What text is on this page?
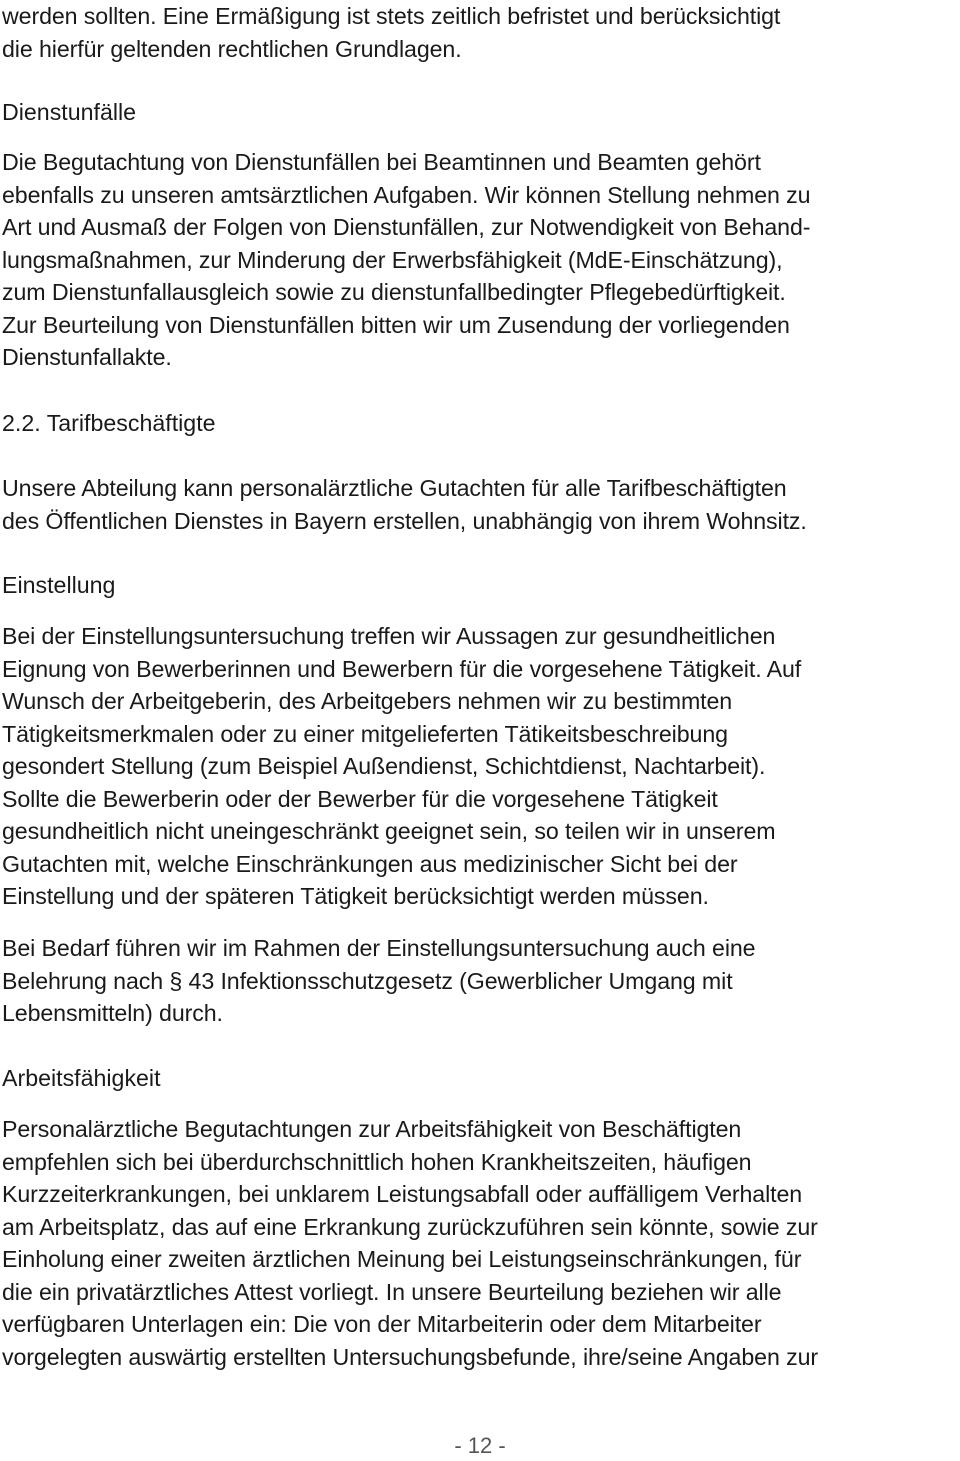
werden sollten. Eine Ermäßigung ist stets zeitlich befristet und berücksichtigt
die hierfür geltenden rechtlichen Grundlagen.
Dienstunfälle
Die Begutachtung von Dienstunfällen bei Beamtinnen und Beamten gehört
ebenfalls zu unseren amtsärztlichen Aufgaben. Wir können Stellung nehmen zu
Art und Ausmaß der Folgen von Dienstunfällen, zur Notwendigkeit von Behand-
lungsmaßnahmen, zur Minderung der Erwerbsfähigkeit (MdE-Einschätzung),
zum Dienstunfallausgleich sowie zu dienstunfallbedingter Pflegebedürftigkeit.
Zur Beurteilung von Dienstunfällen bitten wir um Zusendung der vorliegenden
Dienstunfallakte.
2.2. Tarifbeschäftigte
Unsere Abteilung kann personalärztliche Gutachten für alle Tarifbeschäftigten
des Öffentlichen Dienstes in Bayern erstellen, unabhängig von ihrem Wohnsitz.
Einstellung
Bei der Einstellungsuntersuchung treffen wir Aussagen zur gesundheitlichen
Eignung von Bewerberinnen und Bewerbern für die vorgesehene Tätigkeit. Auf
Wunsch der Arbeitgeberin, des Arbeitgebers nehmen wir zu bestimmten
Tätigkeitsmerkmalen oder zu einer mitgelieferten Tätikeitsbeschreibung
gesondert Stellung (zum Beispiel Außendienst, Schichtdienst, Nachtarbeit).
Sollte die Bewerberin oder der Bewerber für die vorgesehene Tätigkeit
gesundheitlich nicht uneingeschränkt geeignet sein, so teilen wir in unserem
Gutachten mit, welche Einschränkungen aus medizinischer Sicht bei der
Einstellung und der späteren Tätigkeit berücksichtigt werden müssen.
Bei Bedarf führen wir im Rahmen der Einstellungsuntersuchung auch eine
Belehrung nach § 43 Infektionsschutzgesetz (Gewerblicher Umgang mit
Lebensmitteln) durch.
Arbeitsfähigkeit
Personalärztliche Begutachtungen zur Arbeitsfähigkeit von Beschäftigten
empfehlen sich bei überdurchschnittlich hohen Krankheitszeiten, häufigen
Kurzzeiterkrankungen, bei unklarem Leistungsabfall oder auffälligem Verhalten
am Arbeitsplatz, das auf eine Erkrankung zurückzuführen sein könnte, sowie zur
Einholung einer zweiten ärztlichen Meinung bei Leistungseinschränkungen, für
die ein privatärztliches Attest vorliegt. In unsere Beurteilung beziehen wir alle
verfügbaren Unterlagen ein: Die von der Mitarbeiterin oder dem Mitarbeiter
vorgelegten auswärtig erstellten Untersuchungsbefunde, ihre/seine Angaben zur
- 12 -
